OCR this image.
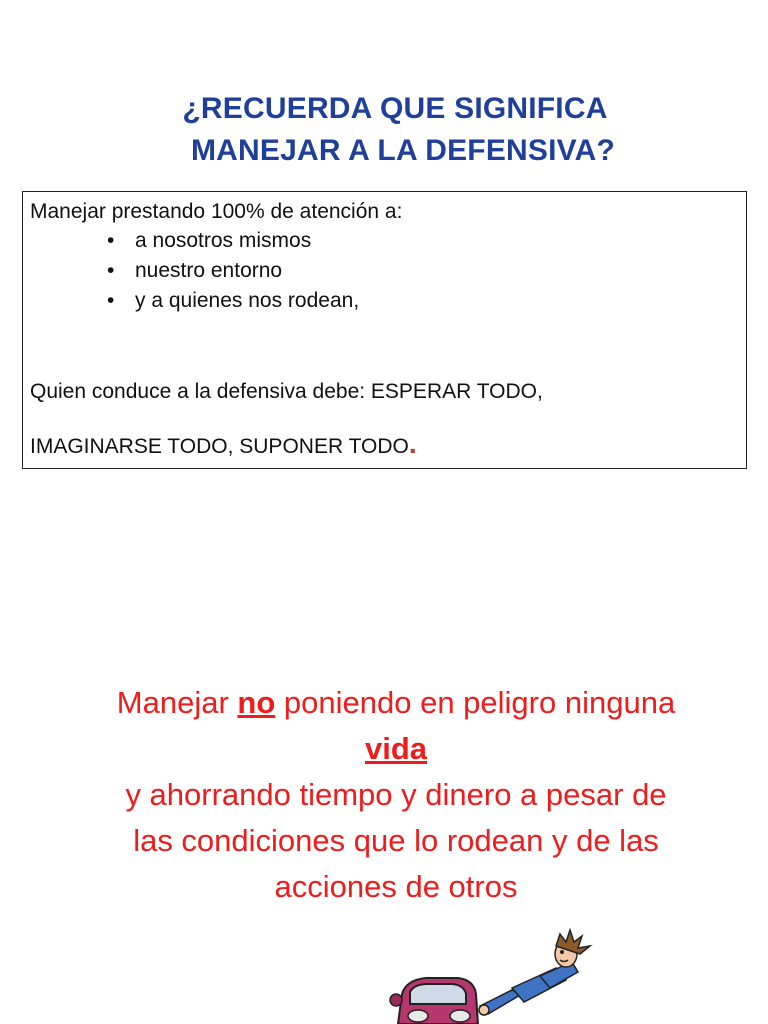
¿RECUERDA QUE SIGNIFICA
MANEJAR A LA DEFENSIVA?
Manejar prestando 100% de atención a:
• a nosotros mismos
• nuestro entorno
• y a quienes nos rodean,
Quien conduce a la defensiva debe: ESPERAR TODO,
IMAGINARSE TODO, SUPONER TODO.
Manejar no poniendo en peligro ninguna
vida
y ahorrando tiempo y dinero a pesar de
las condiciones que lo rodean y de las
acciones de otros
